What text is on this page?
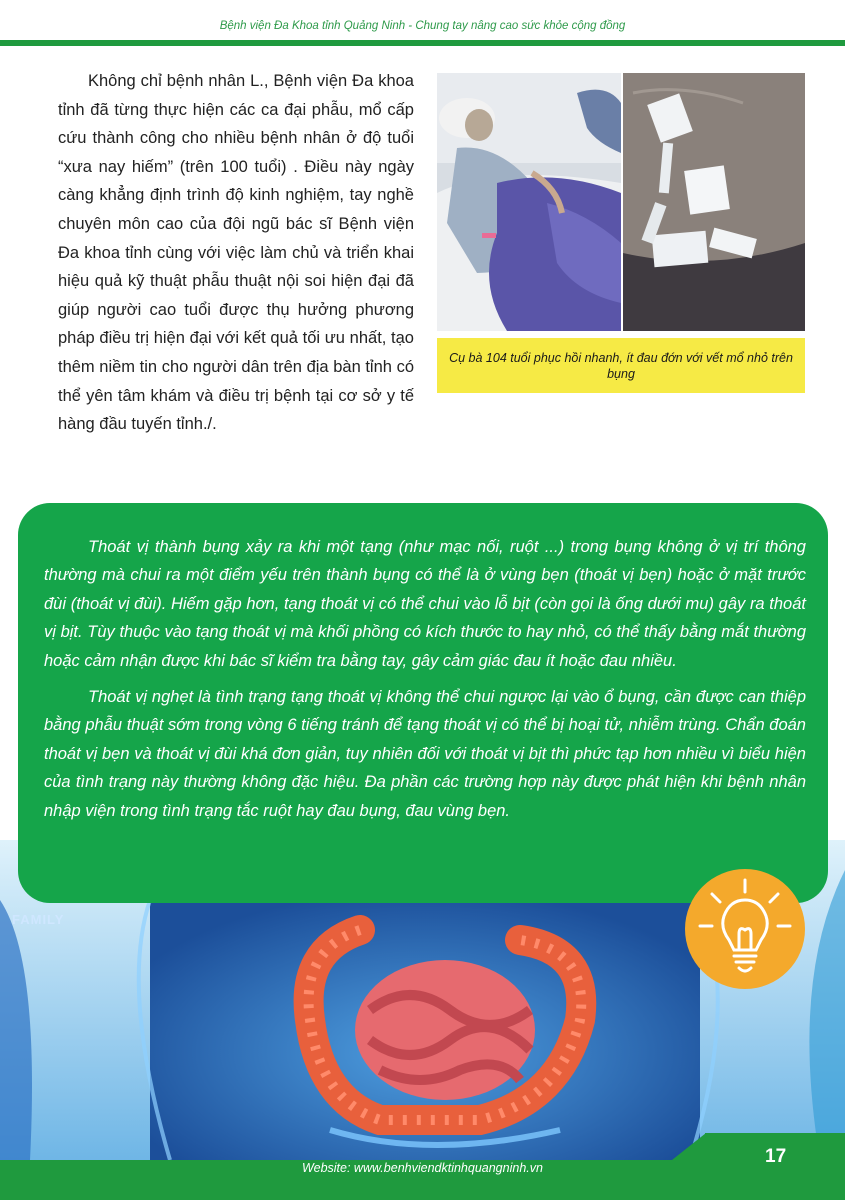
Bệnh viện Đa Khoa tỉnh Quảng Ninh - Chung tay nâng cao sức khỏe cộng đồng

Không chỉ bệnh nhân L., Bệnh viện Đa khoa tỉnh đã từng thực hiện các ca đại phẫu, mổ cấp cứu thành công cho nhiều bệnh nhân ở độ tuổi “xưa nay hiếm” (trên 100 tuổi) . Điều này ngày càng khẳng định trình độ kinh nghiệm, tay nghề chuyên môn cao của đội ngũ bác sĩ Bệnh viện Đa khoa tỉnh cùng với việc làm chủ và triển khai hiệu quả kỹ thuật phẫu thuật nội soi hiện đại đã giúp người cao tuổi được thụ hưởng phương pháp điều trị hiện đại với kết quả tối ưu nhất, tạo thêm niềm tin cho người dân trên địa bàn tỉnh có thể yên tâm khám và điều trị bệnh tại cơ sở y tế hàng đầu tuyến tỉnh./.

Cụ bà 104 tuổi phục hồi nhanh, ít đau đớn với vết mổ nhỏ trên bụng
FAMILY

Thoát vị thành bụng xảy ra khi một tạng (như mạc nối, ruột ...) trong bụng không ở vị trí thông thường mà chui ra một điểm yếu trên thành bụng có thể là ở vùng bẹn (thoát vị bẹn) hoặc ở mặt trước đùi (thoát vị đùi). Hiếm gặp hơn, tạng thoát vị có thể chui vào lỗ bịt (còn gọi là ống dưới mu) gây ra thoát vị bịt. Tùy thuộc vào tạng thoát vị mà khối phồng có kích thước to hay nhỏ, có thể thấy bằng mắt thường hoặc cảm nhận được khi bác sĩ kiểm tra bằng tay, gây cảm giác đau ít hoặc đau nhiều.

Thoát vị nghẹt là tình trạng tạng thoát vị không thể chui ngược lại vào ổ bụng, cần được can thiệp bằng phẫu thuật sớm trong vòng 6 tiếng tránh để tạng thoát vị có thể bị hoại tử, nhiễm trùng. Chẩn đoán thoát vị bẹn và thoát vị đùi khá đơn giản, tuy nhiên đối với thoát vị bịt thì phức tạp hơn nhiều vì biểu hiện của tình trạng này thường không đặc hiệu. Đa phần các trường hợp này được phát hiện khi bệnh nhân nhập viện trong tình trạng tắc ruột hay đau bụng, đau vùng bẹn.

Website: www.benhviendktinhquangninh.vn
17
